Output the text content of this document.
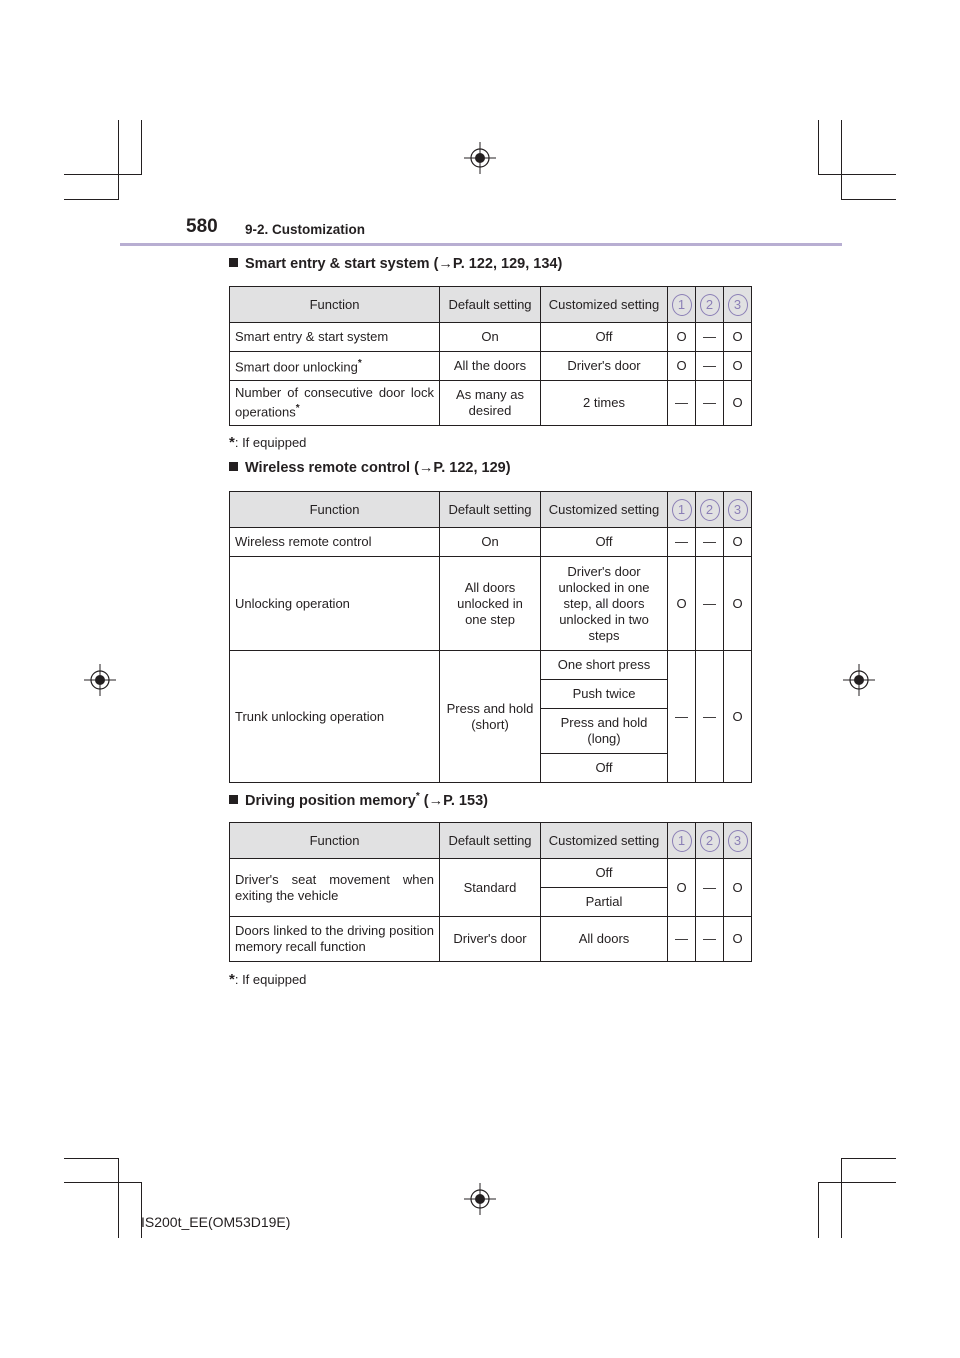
580 9-2. Customization
Smart entry & start system (→P. 122, 129, 134)
Function	Default setting	Customized setting	1	2	3
Smart entry & start system	On	Off	O	—	O
Smart door unlocking*	All the doors	Driver's door	O	—	O
Number of consecutive door lock operations*	As many as desired	2 times	—	—	O
*: If equipped
Wireless remote control (→P. 122, 129)
Function	Default setting	Customized setting	1	2	3
Wireless remote control	On	Off	—	—	O
Unlocking operation	All doors unlocked in one step	Driver's door unlocked in one step, all doors unlocked in two steps	O	—	O
Trunk unlocking operation	Press and hold (short)	One short press	—	—	O
		Push twice			
		Press and hold (long)			
		Off			
Driving position memory* (→P. 153)
Function	Default setting	Customized setting	1	2	3
Driver's seat movement when exiting the vehicle	Standard	Off	O	—	O
		Partial			
Doors linked to the driving position memory recall function	Driver's door	All doors	—	—	O
*: If equipped
IS200t_EE(OM53D19E)
